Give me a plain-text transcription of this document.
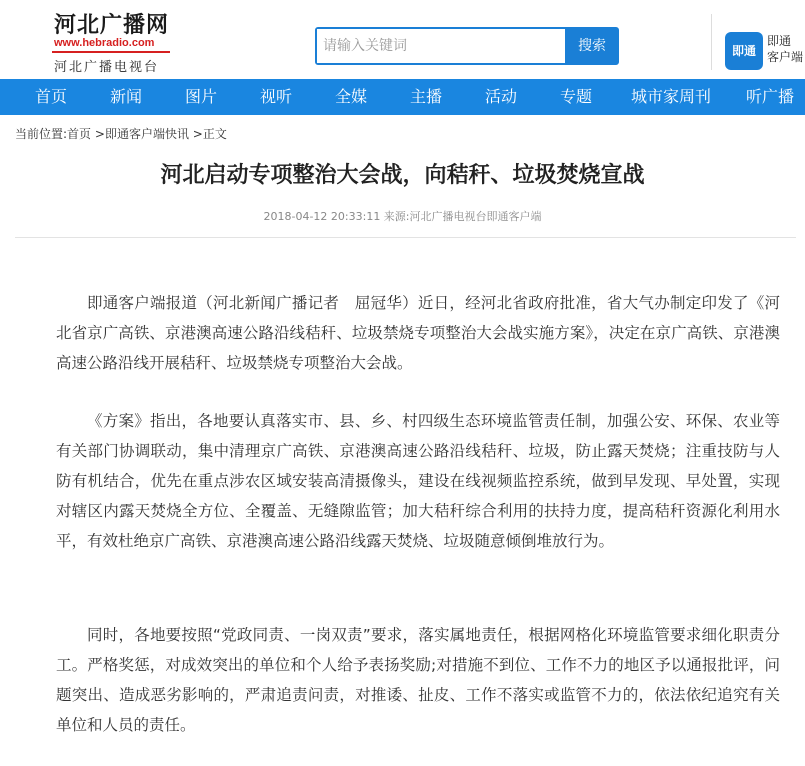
河北广播网
www.hebradio.com
河北广播电视台
请输入关键词
搜索	即通
即通
客户端
首页	新闻	图片	视听	全媒	主播	活动	专题 城市家周刊 听广播
当前位置:首页 >即通客户端快讯 >正文
河北启动专项整治大会战，向秸秆、垃圾焚烧宣战
2018-04-12 20:33:11 来源:河北广播电视台即通客户端

即通客户端报道（河北新闻广播记者　屈冠华）近日，经河北省政府批准，省大气办制定印发了《河北省京广高铁、京港澳高速公路沿线秸秆、垃圾禁烧专项整治大会战实施方案》，决定在京广高铁、京港澳高速公路沿线开展秸秆、垃圾禁烧专项整治大会战。

《方案》指出，各地要认真落实市、县、乡、村四级生态环境监管责任制，加强公安、环保、农业等有关部门协调联动，集中清理京广高铁、京港澳高速公路沿线秸秆、垃圾，防止露天焚烧；注重技防与人防有机结合，优先在重点涉农区域安装高清摄像头，建设在线视频监控系统，做到早发现、早处置，实现对辖区内露天焚烧全方位、全覆盖、无缝隙监管；加大秸秆综合利用的扶持力度，提高秸秆资源化利用水平，有效杜绝京广高铁、京港澳高速公路沿线露天焚烧、垃圾随意倾倒堆放行为。

同时，各地要按照“党政同责、一岗双责”要求，落实属地责任，根据网格化环境监管要求细化职责分工。严格奖惩，对成效突出的单位和个人给予表扬奖励;对措施不到位、工作不力的地区予以通报批评，问题突出、造成恶劣影响的，严肃追责问责，对推诿、扯皮、工作不落实或监管不力的，依法依纪追究有关单位和人员的责任。
